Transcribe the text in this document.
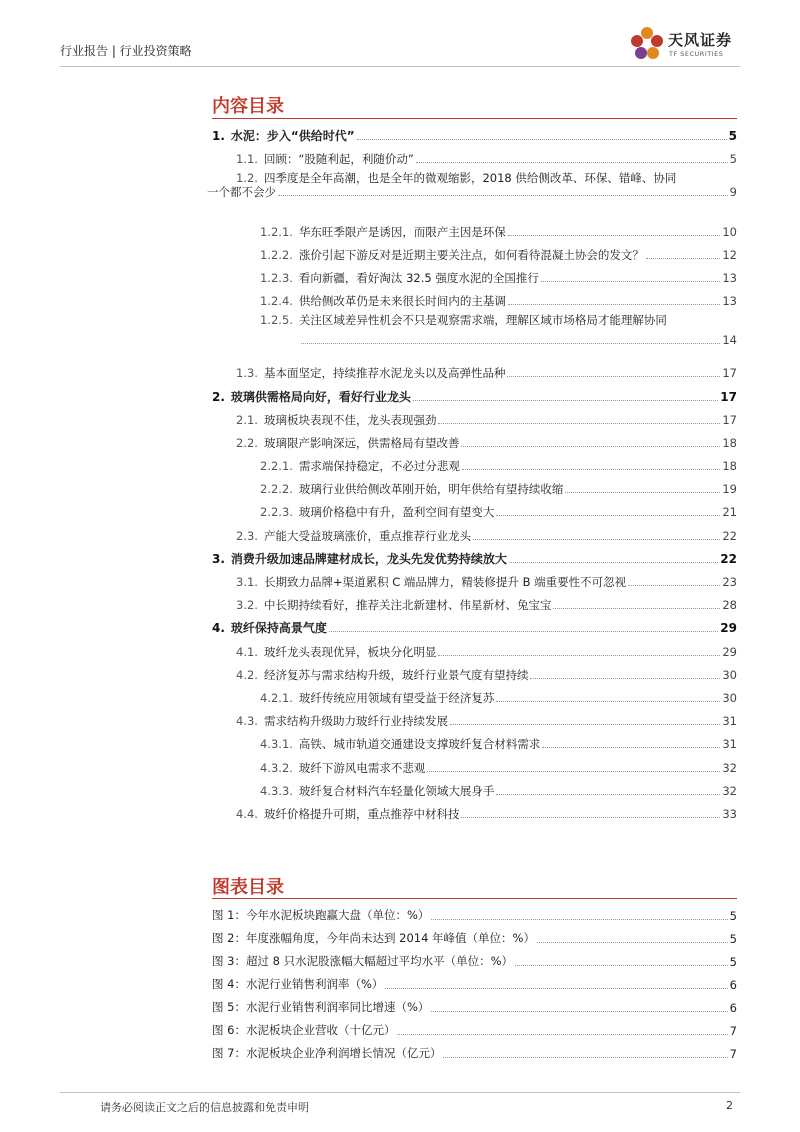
行业报告 | 行业投资策略
天风证券
TF SECURITIES
内容目录
1. 水泥：步入“供给时代”	5
1.1. 回顾：“股随利起，利随价动”	5
1.2. 四季度是全年高潮，也是全年的微观缩影，2018 供给侧改革、环保、错峰、协同
一个都不会少	9
1.2.1. 华东旺季限产是诱因，而限产主因是环保	10
1.2.2. 涨价引起下游反对是近期主要关注点，如何看待混凝土协会的发文？	12
1.2.3. 看向新疆，看好淘汰 32.5 强度水泥的全国推行	13
1.2.4. 供给侧改革仍是未来很长时间内的主基调	13
1.2.5. 关注区域差异性机会不只是观察需求端，理解区域市场格局才能理解协同
14
1.3. 基本面坚定，持续推荐水泥龙头以及高弹性品种	17
2. 玻璃供需格局向好，看好行业龙头	17
2.1. 玻璃板块表现不佳，龙头表现强劲	17
2.2. 玻璃限产影响深远，供需格局有望改善	18
2.2.1. 需求端保持稳定，不必过分悲观	18
2.2.2. 玻璃行业供给侧改革刚开始，明年供给有望持续收缩	19
2.2.3. 玻璃价格稳中有升，盈利空间有望变大	21
2.3. 产能大受益玻璃涨价，重点推荐行业龙头	22
3. 消费升级加速品牌建材成长，龙头先发优势持续放大	22
3.1. 长期致力品牌+渠道累积 C 端品牌力，精装修提升 B 端重要性不可忽视	23
3.2. 中长期持续看好，推荐关注北新建材、伟星新材、兔宝宝	28
4. 玻纤保持高景气度	29
4.1. 玻纤龙头表现优异，板块分化明显	29
4.2. 经济复苏与需求结构升级，玻纤行业景气度有望持续	30
4.2.1. 玻纤传统应用领域有望受益于经济复苏	30
4.3. 需求结构升级助力玻纤行业持续发展	31
4.3.1. 高铁、城市轨道交通建设支撑玻纤复合材料需求	31
4.3.2. 玻纤下游风电需求不悲观	32
4.3.3. 玻纤复合材料汽车轻量化领域大展身手	32
4.4. 玻纤价格提升可期，重点推荐中材科技	33
图表目录
图 1：今年水泥板块跑赢大盘（单位：%）	5
图 2：年度涨幅角度，今年尚未达到 2014 年峰值（单位：%）	5
图 3：超过 8 只水泥股涨幅大幅超过平均水平（单位：%）	5
图 4：水泥行业销售利润率（%）	6
图 5：水泥行业销售利润率同比增速（%）	6
图 6：水泥板块企业营收（十亿元）	7
图 7：水泥板块企业净利润增长情况（亿元）	7
请务必阅读正文之后的信息披露和免责申明	2
